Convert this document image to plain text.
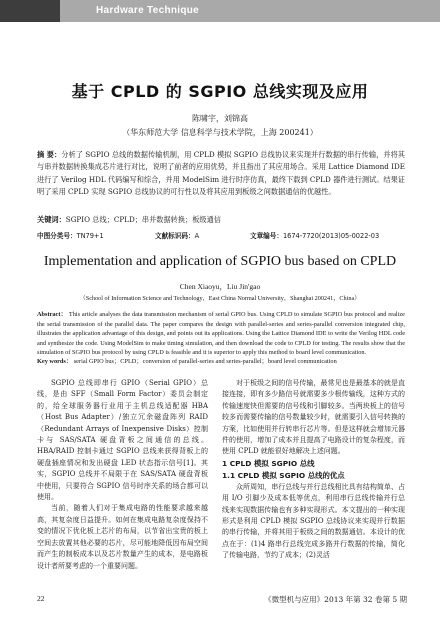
Hardware Technique
基于 CPLD 的 SGPIO 总线实现及应用
陈啸宇，刘锦高
（华东师范大学 信息科学与技术学院，上海 200241）
摘 要：分析了 SGPIO 总线的数据传输机制，用 CPLD 模拟 SGPIO 总线协议来实现并行数据的串行传输，并将其与串并数据转换集成芯片进行对比，说明了前者的应用优势，并且指出了其应用场合。采用 Lattice Diamond IDE 进行了 Verilog HDL 代码编写和综合，并用 ModelSim 进行时序仿真，最终下载到 CPLD 器件进行测试。结果证明了采用 CPLD 实现 SGPIO 总线协议的可行性以及将其应用到板级之间数据通信的优越性。
关键词：SGPIO 总线；CPLD；串并数据转换；板级通信
中图分类号：TN79+1	文献标识码：A	文章编号：1674-7720(2013)05-0022-03
Implementation and application of SGPIO bus based on CPLD
Chen Xiaoyu，Liu Jin'gao
（School of Information Science and Technology，East China Normal University，Shanghai 200241，China）
Abstract： This article analyses the data transmission mechanism of serial GPIO bus. Using CPLD to simulate SGPIO bus protocol and realize the serial transmission of the parallel data. The paper compares the design with parallel-series and series-parallel conversion integrated chip, illustrates the application advantage of this design, and points out its applications. Using the Lattice Diamond IDE to write the Verilog HDL code and synthesize the code. Using ModelSim to make timing simulation, and then download the code to CPLD for testing. The results show that the simulation of SGPIO bus protocol by using CPLD is feasible and it is superior to apply this method to board level communication.
Key words： serial GPIO bus；CPLD；conversion of parallel-series and series-parallel；board level communication

SGPIO 总线即串行 GPIO（Serial GPIO）总线，是由 SFF（Small Form Factor）委员会制定的，给全球服务器行业用于主机总线适配器 HBA（Host Bus Adapter）/独立冗余磁盘阵列 RAID（Redundant Arrays of Inexpensive Disks）控制卡与 SAS/SATA 硬盘背板之间通信的总线。HBA/RAID 控制卡通过 SGPIO 总线来获得背板上的硬盘插座情况和发出硬盘 LED 状态指示信号[1]。其实，SGPIO 总线并不局限于在 SAS/SATA 硬盘背板中使用，只要符合 SGPIO 信号时序关系的场合都可以使用。

当前，随着人们对于集成电路的性能要求越来越高，其复杂度日益提升。如何在集成电路复杂度保持不变的情况下优化板上芯片的布局，以节省出宝贵的板上空间去放置其他必要的芯片，尽可能地降低因布局空间而产生的制板成本以及芯片数量产生的成本，是电路板设计者所要考虑的一个重要问题。

对于板级之间的信号传输，最常见也是最基本的就是直接连接，即有多少路信号就需要多少根传输线，这种方式的传输速度快但需要的信号线和引脚较多。当两块板上的信号较多而需要传输的信号数量较少时，就需要引入信号转换的方案，比如使用并行转串行芯片等。但是这样就会增加元器件的使用，增加了成本并且提高了电路设计的复杂程度，而使用 CPLD 就能很好地解决上述问题。

1 CPLD 模拟 SGPIO 总线
1.1 CPLD 模拟 SGPIO 总线的优点

众所周知，串行总线与并行总线相比具有结构简单、占用 I/O 引脚少及成本低等优点，利用串行总线传输并行总线来实现数据传输也有多种实现形式。本文提出的一种实现形式是利用 CPLD 模拟 SGPIO 总线协议来实现并行数据的串行传输，并将其用于板级之间的数据通信。本设计的优点在于：(1)4 路串行总线完成多路并行数据的传输，简化了传输电路，节约了成本；(2)灵活

22	《微型机与应用》2013 年第 32 卷第 5 期
